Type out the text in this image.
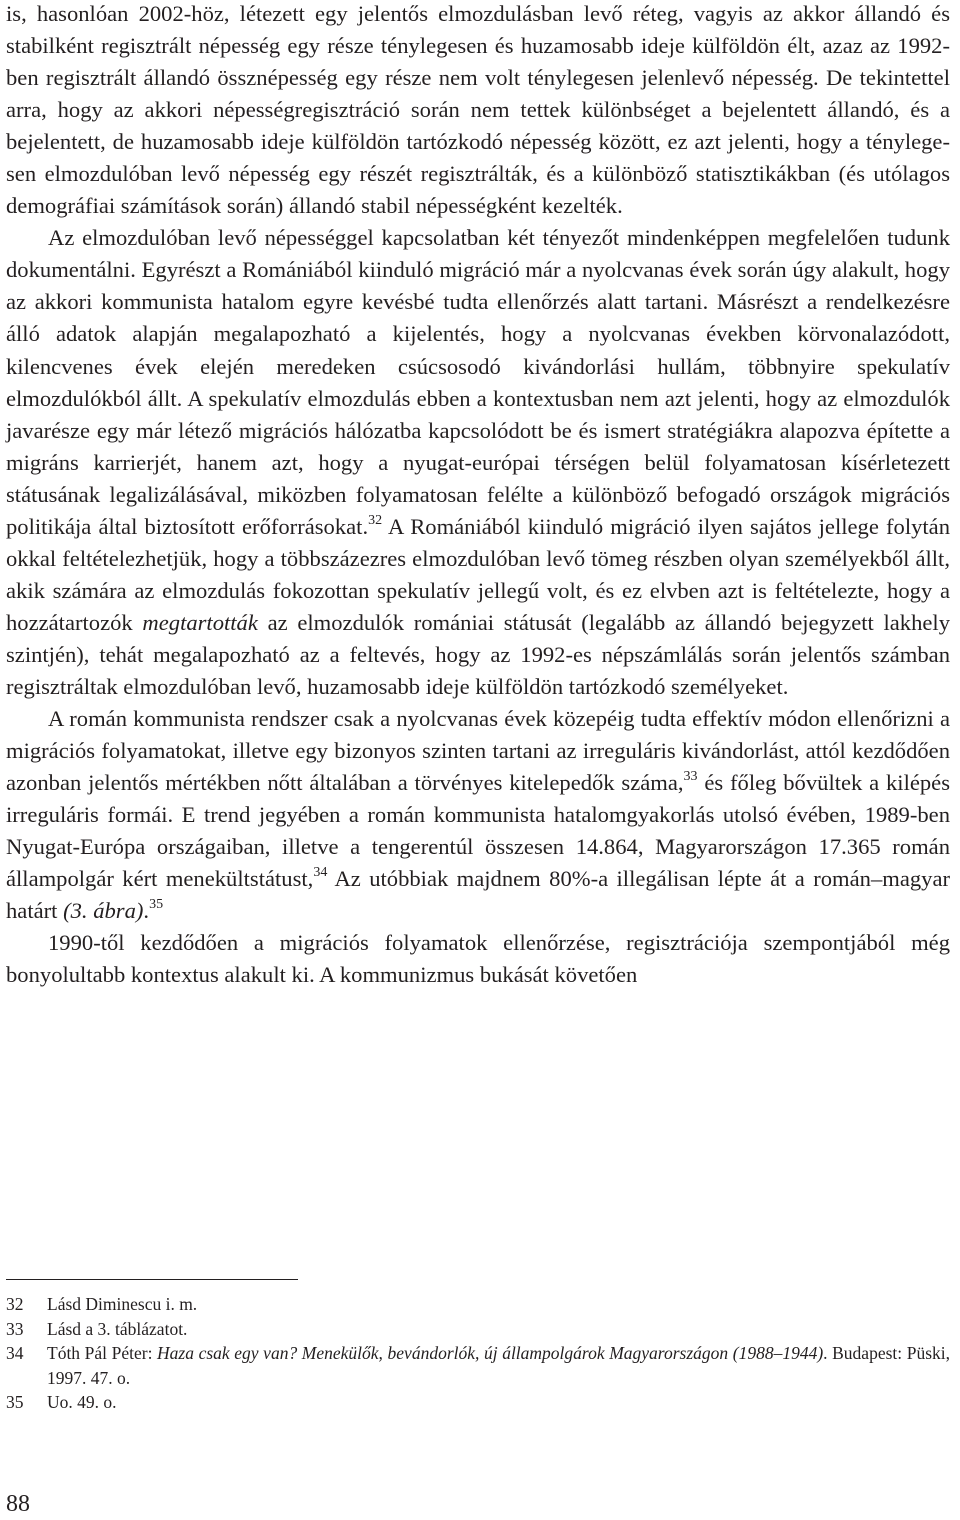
is, hasonlóan 2002-höz, létezett egy jelentős elmozdulásban levő réteg, vagyis az akkor állandó és stabilként regisztrált népesség egy része ténylegesen és huzamosabb ideje külföldön élt, azaz az 1992-ben regisztrált állandó össznépesség egy része nem volt ténylegesen jelenlevő népesség. De tekintettel arra, hogy az akkori népességregisztráció során nem tettek különbséget a bejelentett állandó, és a bejelentett, de huzamosabb ideje külföldön tartózkodó népesség között, ez azt jelenti, hogy a ténylegesen elmozdulóban levő népesség egy részét regisztrálták, és a különböző statisztikákban (és utólagos demográfiai számítások során) állandó stabil népességként kezelték.

Az elmozdulóban levő népességgel kapcsolatban két tényezőt mindenképpen megfelelően tudunk dokumentálni. Egyrészt a Romániából kiinduló migráció már a nyolcvanas évek során úgy alakult, hogy az akkori kommunista hatalom egyre kevésbé tudta ellenőrzés alatt tartani. Másrészt a rendelkezésre álló adatok alapján megalapozható a kijelentés, hogy a nyolcvanas években körvonalazódott, kilencvenes évek elején meredeken csúcsosodó kivándorlási hullám, többnyire spekulatív elmozdulókból állt. A spekulatív elmozdulás ebben a kontextusban nem azt jelenti, hogy az elmozdulók javarésze egy már létező migrációs hálózatba kapcsolódott be és ismert stratégiákra alapozva építette a migráns karrierjét, hanem azt, hogy a nyugat-európai térségen belül folyamatosan kísérletezett státusának legalizálásával, miközben folyamatosan felélte a különböző befogadó országok migrációs politikája által biztosított erőforrásokat.$^{32}$ A Romániából kiinduló migráció ilyen sajátos jellege folytán okkal feltételezhetjük, hogy a többszázezres elmozdulóban levő tömeg részben olyan személyekből állt, akik számára az elmozdulás fokozottan spekulatív jellegű volt, és ez elvben azt is feltételezte, hogy a hozzátartozók megtartották az elmozdulók romániai státusát (legalább az állandó bejegyzett lakhely szintjén), tehát megalapozható az a feltevés, hogy az 1992-es népszámlálás során jelentős számban regisztráltak elmozdulóban levő, huzamosabb ideje külföldön tartózkodó személyeket.

A román kommunista rendszer csak a nyolcvanas évek közepéig tudta effektív módon ellenőrizni a migrációs folyamatokat, illetve egy bizonyos szinten tartani az irreguláris kivándorlást, attól kezdődően azonban jelentős mértékben nőtt általában a törvényes kitelepedők száma,$^{33}$ és főleg bővültek a kilépés irreguláris formái. E trend jegyében a román kommunista hatalomgyakorlás utolsó évében, 1989-ben Nyugat-Európa országaiban, illetve a tengerentúl összesen 14.864, Magyarországon 17.365 román állampolgár kért menekültstátust,$^{34}$ Az utóbbiak majdnem 80%-a illegálisan lépte át a román–magyar határt (3. ábra).$^{35}$

1990-től kezdődően a migrációs folyamatok ellenőrzése, regisztrációja szempontjából még bonyolultabb kontextus alakult ki. A kommunizmus bukását követően

32	Lásd Diminescu i. m.
33	Lásd a 3. táblázatot.
34	Tóth Pál Péter: Haza csak egy van? Menekülők, bevándorlók, új állampolgárok Magyarországon (1988–1944). Budapest: Püski, 1997. 47. o.
35	Uo. 49. o.
88
